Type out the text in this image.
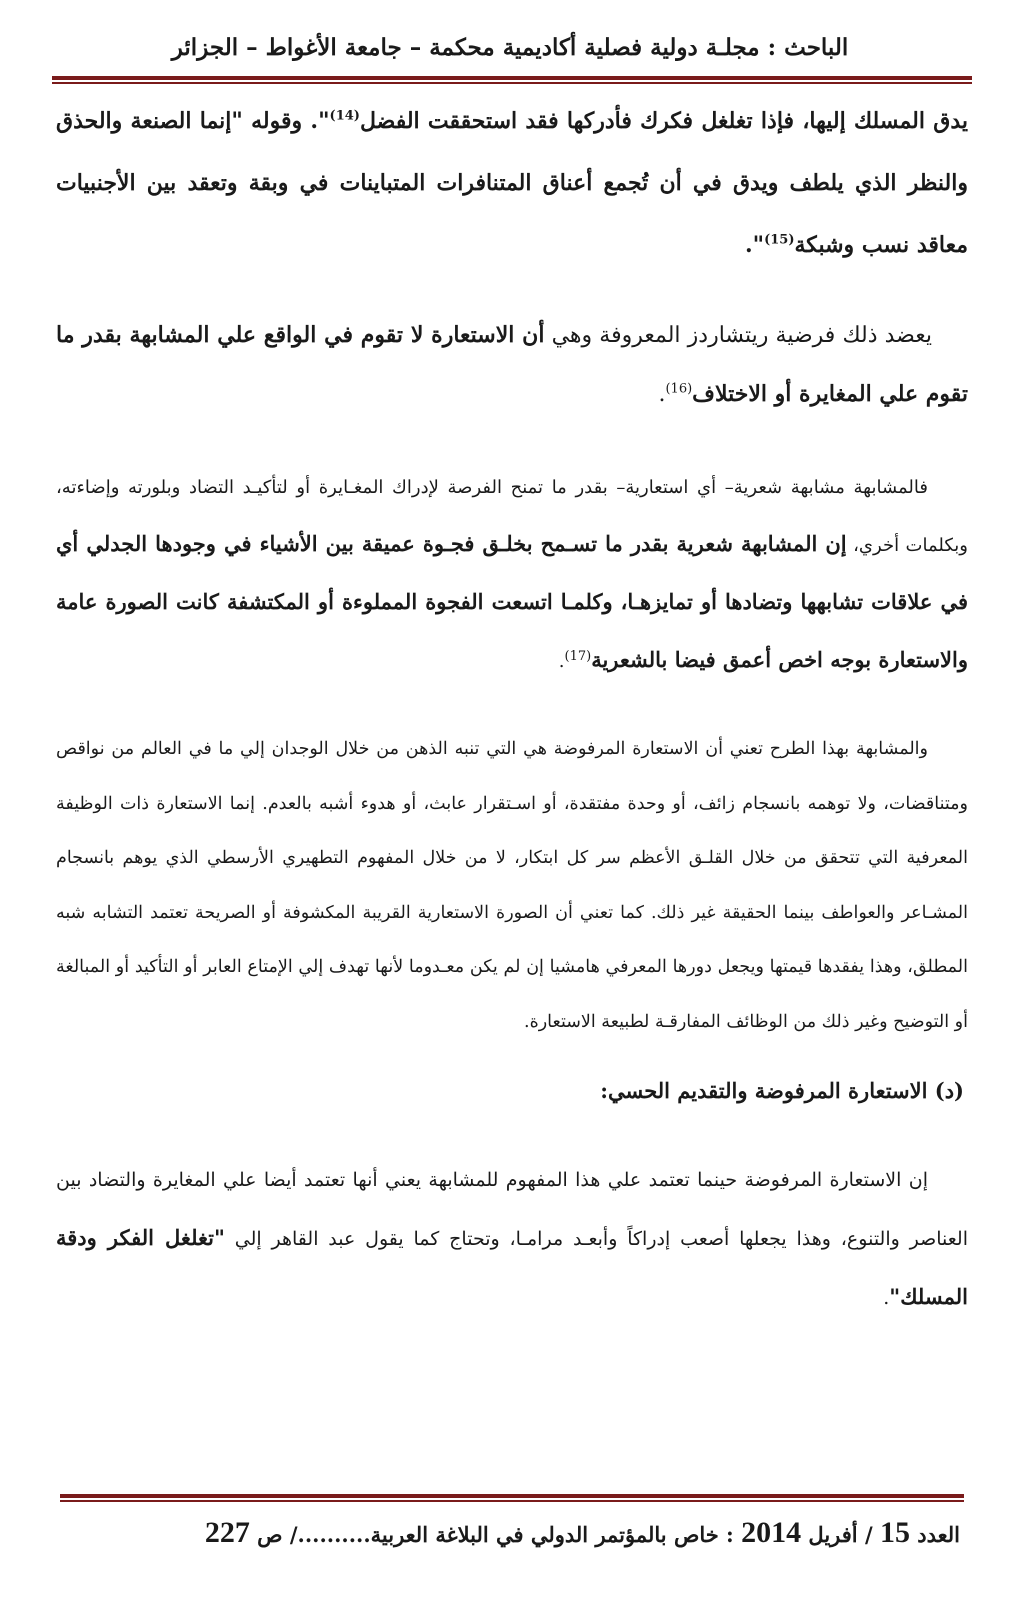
الباحث : مجلـة دولية فصلية أكاديمية محكمة – جامعة الأغواط – الجزائر

يدق المسلك إليها، فإذا تغلغل فكرك فأدركها فقد استحققت الفضل$^{(14)}$". وقوله "إنما الصنعة والحذق والنظر الذي يلطف ويدق في أن تُجمع أعناق المتنافرات المتباينات في وبقة وتعقد بين الأجنبيات معاقد نسب وشبكة$^{(15)}$".

يعضد ذلك فرضية ريتشاردز المعروفة وهي أن الاستعارة لا تقوم في الواقع علي المشابهة بقدر ما تقوم علي المغايرة أو الاختلاف$^{(16)}$.

فالمشابهة مشابهة شعرية– أي استعارية– بقدر ما تمنح الفرصة لإدراك المغـايرة أو لتأكيـد التضاد وبلورته وإضاءته، وبكلمات أخري، إن المشابهة شعرية بقدر ما تسـمح بخلـق فجـوة عميقة بين الأشياء في وجودها الجدلي أي في علاقات تشابهها وتضادها أو تمايزهـا، وكلمـا اتسعت الفجوة المملوءة أو المكتشفة كانت الصورة عامة والاستعارة بوجه اخص أعمق فيضا بالشعرية$^{(17)}$.

والمشابهة بهذا الطرح تعني أن الاستعارة المرفوضة هي التي تنبه الذهن من خلال الوجدان إلي ما في العالم من نواقص ومتناقضات، ولا توهمه بانسجام زائف، أو وحدة مفتقدة، أو اسـتقرار عابث، أو هدوء أشبه بالعدم. إنما الاستعارة ذات الوظيفة المعرفية التي تتحقق من خلال القلـق الأعظم سر كل ابتكار، لا من خلال المفهوم التطهيري الأرسطي الذي يوهم بانسجام المشـاعر والعواطف بينما الحقيقة غير ذلك. كما تعني أن الصورة الاستعارية القريبة المكشوفة أو الصريحة تعتمد التشابه شبه المطلق، وهذا يفقدها قيمتها ويجعل دورها المعرفي هامشيا إن لم يكن معـدوما لأنها تهدف إلي الإمتاع العابر أو التأكيد أو المبالغة أو التوضيح وغير ذلك من الوظائف المفارقـة لطبيعة الاستعارة.

(د) الاستعارة المرفوضة والتقديم الحسي:

إن الاستعارة المرفوضة حينما تعتمد علي هذا المفهوم للمشابهة يعني أنها تعتمد أيضا علي المغايرة والتضاد بين العناصر والتنوع، وهذا يجعلها أصعب إدراكاً وأبعـد مرامـا، وتحتاج كما يقول عبد القاهر إلي "تغلغل الفكر ودقة المسلك".

العدد 15 / أفريل 2014 : خاص بالمؤتمر الدولي في البلاغة العربية........../ ص 227
